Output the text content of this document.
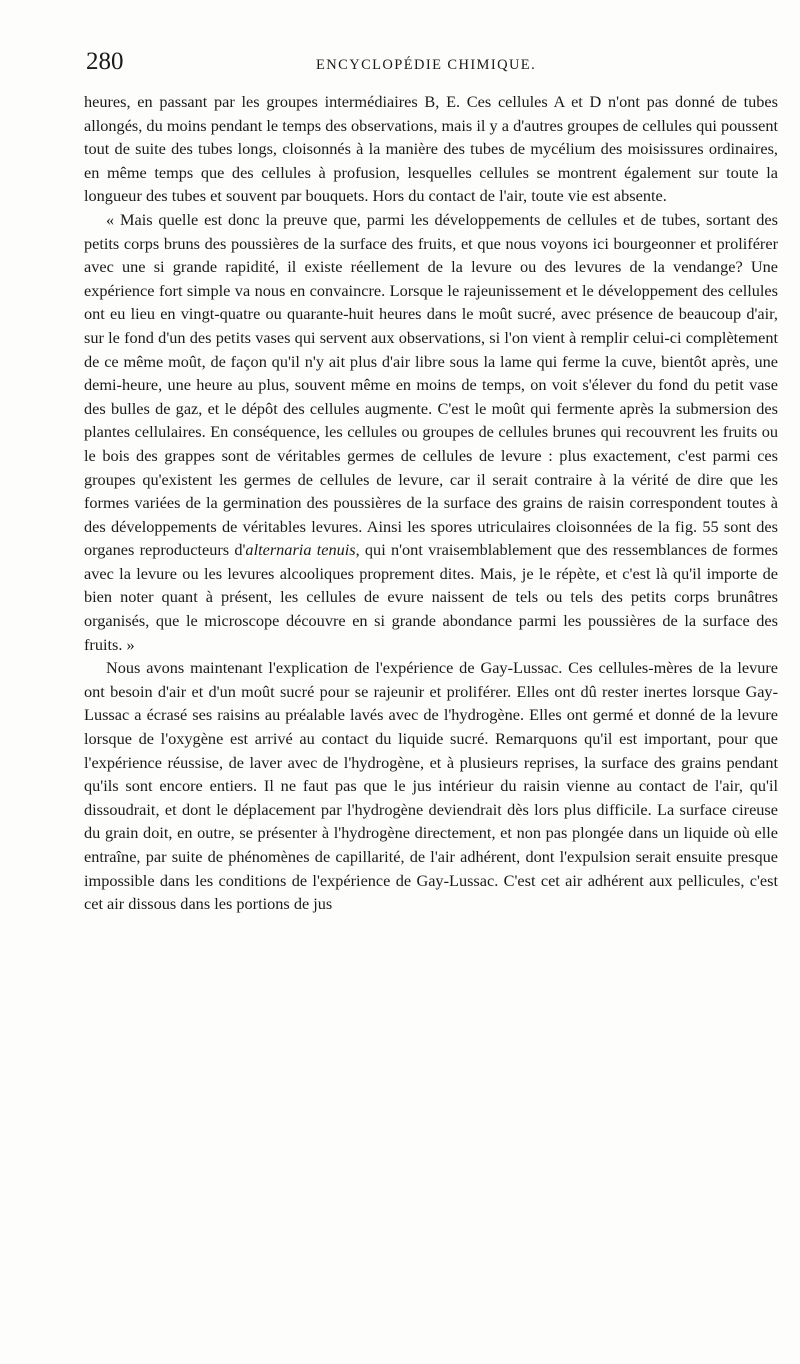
280	ENCYCLOPÉDIE CHIMIQUE.

heures, en passant par les groupes intermédiaires B, E. Ces cellules A et D n'ont pas donné de tubes allongés, du moins pendant le temps des observations, mais il y a d'autres groupes de cellules qui poussent tout de suite des tubes longs, cloisonnés à la manière des tubes de mycélium des moisissures ordinaires, en même temps que des cellules à profusion, lesquelles cellules se montrent également sur toute la longueur des tubes et souvent par bouquets. Hors du contact de l'air, toute vie est absente.

« Mais quelle est donc la preuve que, parmi les développements de cellules et de tubes, sortant des petits corps bruns des poussières de la surface des fruits, et que nous voyons ici bourgeonner et proliférer avec une si grande rapidité, il existe réellement de la levure ou des levures de la vendange? Une expérience fort simple va nous en convaincre. Lorsque le rajeunissement et le développement des cellules ont eu lieu en vingt-quatre ou quarante-huit heures dans le moût sucré, avec présence de beaucoup d'air, sur le fond d'un des petits vases qui servent aux observations, si l'on vient à remplir celui-ci complètement de ce même moût, de façon qu'il n'y ait plus d'air libre sous la lame qui ferme la cuve, bientôt après, une demi-heure, une heure au plus, souvent même en moins de temps, on voit s'élever du fond du petit vase des bulles de gaz, et le dépôt des cellules augmente. C'est le moût qui fermente après la submersion des plantes cellulaires. En conséquence, les cellules ou groupes de cellules brunes qui recouvrent les fruits ou le bois des grappes sont de véritables germes de cellules de levure : plus exactement, c'est parmi ces groupes qu'existent les germes de cellules de levure, car il serait contraire à la vérité de dire que les formes variées de la germination des poussières de la surface des grains de raisin correspondent toutes à des développements de véritables levures. Ainsi les spores utriculaires cloisonnées de la fig. 55 sont des organes reproducteurs d'alternaria tenuis, qui n'ont vraisemblablement que des ressemblances de formes avec la levure ou les levures alcooliques proprement dites. Mais, je le répète, et c'est là qu'il importe de bien noter quant à présent, les cellules de evure naissent de tels ou tels des petits corps brunâtres organisés, que le microscope découvre en si grande abondance parmi les poussières de la surface des fruits. »

Nous avons maintenant l'explication de l'expérience de Gay-Lussac. Ces cellules-mères de la levure ont besoin d'air et d'un moût sucré pour se rajeunir et proliférer. Elles ont dû rester inertes lorsque Gay-Lussac a écrasé ses raisins au préalable lavés avec de l'hydrogène. Elles ont germé et donné de la levure lorsque de l'oxygène est arrivé au contact du liquide sucré. Remarquons qu'il est important, pour que l'expérience réussise, de laver avec de l'hydrogène, et à plusieurs reprises, la surface des grains pendant qu'ils sont encore entiers. Il ne faut pas que le jus intérieur du raisin vienne au contact de l'air, qu'il dissoudrait, et dont le déplacement par l'hydrogène deviendrait dès lors plus difficile. La surface cireuse du grain doit, en outre, se présenter à l'hydrogène directement, et non pas plongée dans un liquide où elle entraîne, par suite de phénomènes de capillarité, de l'air adhérent, dont l'expulsion serait ensuite presque impossible dans les conditions de l'expérience de Gay-Lussac. C'est cet air adhérent aux pellicules, c'est cet air dissous dans les portions de jus
